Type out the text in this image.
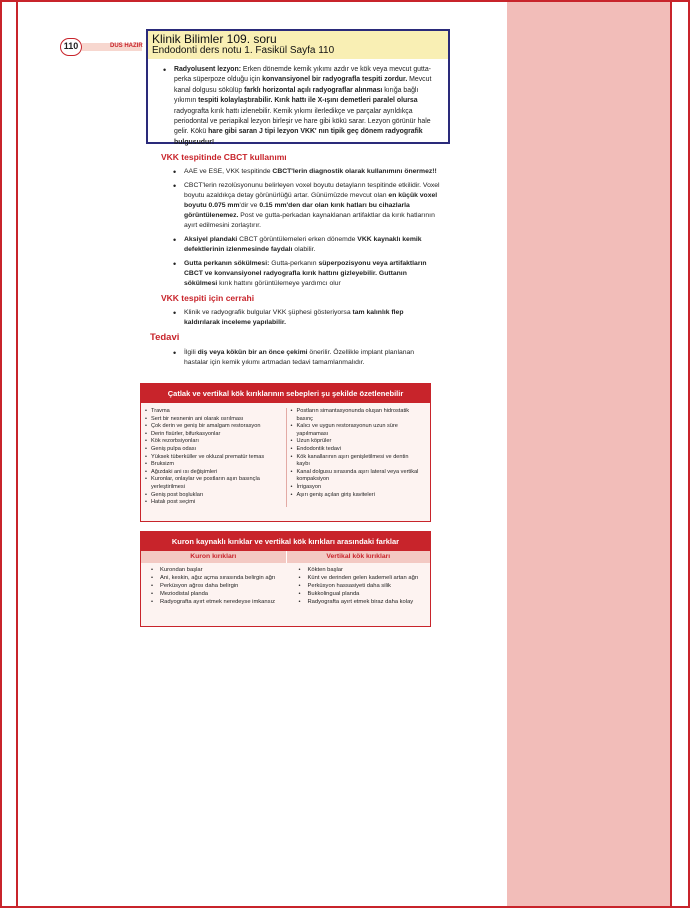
110	DUS HAZIR Klinik Bilimler 109. soru
Endodonti ders notu 1. Fasikül Sayfa 110
• Radyolusent lezyon: Erken dönemde kemik yıkımı azdır ve kök veya mevcut gutta-perka süperpoze olduğu için konvansiyonel bir radyografla tespiti zordur. Mevcut kanal dolgusu sökülüp farklı horizontal açılı radyograflar alınması kırığa bağlı yıkımın tespiti kolaylaştırabilir. Kırık hattı ile X-ışını demetleri paralel olursa radyografta kırık hattı izlenebilir. Kemik yıkımı ilerledikçe ve parçalar ayrıldıkça periodontal ve periapikal lezyon birleşir ve hare gibi kökü sarar. Lezyon görünür hale gelir. Kökü hare gibi saran J tipi lezyon VKK' nın tipik geç dönem radyografik bulgusudur!
VKK tespitinde CBCT kullanımı
• AAE ve ESE, VKK tespitinde CBCT'lerin diagnostik olarak kullanımını önermez!!
• CBCT'lerin rezolüsyonunu belirleyen voxel boyutu detayların tespitinde etkilidir. Voxel boyutu azaldıkça detay görünürlüğü artar. Günümüzde mevcut olan en küçük voxel boyutu 0.075 mm'dir ve 0.15 mm'den dar olan kırık hatları bu cihazlarla görüntülenemez. Post ve gutta-perkadan kaynaklanan artifaktlar da kırık hatlarının ayırt edilmesini zorlaştırır.
• Aksiyel plandaki CBCT görüntülemeleri erken dönemde VKK kaynaklı kemik defektlerinin izlenmesinde faydalı olabilir.
• Gutta perkanın sökülmesi: Gutta-perkanın süperpozisyonu veya artifaktların CBCT ve konvansiyonel radyografla kırık hattını gizleyebilir. Guttanın sökülmesi kırık hattını görüntülemeye yardımcı olur
VKK tespiti için cerrahi
• Klinik ve radyografik bulgular VKK şüphesi gösteriyorsa tam kalınlık flep kaldırılarak inceleme yapılabilir.
Tedavi
• İlgili diş veya kökün bir an önce çekimi önerilir. Özellikle implant planlanan hastalar için kemik yıkımı artmadan tedavi tamamlanmalıdır.
Çatlak ve vertikal kök kırıklarının sebepleri şu şekilde özetlenebilir
• Travma
• Sert bir nesnenin ani olarak ısırılması
• Çok derin ve geniş bir amalgam restorasyon
• Derin fisürler, bifurkasyonlar
• Kök rezorbsiyonları
• Geniş pulpa odası
• Yüksek tüberküller ve okluzal prematür temas
• Bruksizm
• Ağızdaki ani ısı değişimleri
• Kuronlar, onlaylar ve postların aşırı basınçla yerleştirilmesi
• Geniş post boşlukları
• Hatalı post seçimi
• Postların simantasyonunda oluşan hidrostatik basınç
• Kalıcı ve uygun restorasyonun uzun süre yapılmaması
• Uzun köprüler
• Endodontik tedavi
• Kök kanallarının aşırı genişletilmesi ve dentin kaybı
• Kanal dolgusu sırasında aşırı lateral veya vertikal kompaksiyon
• İrrigasyon
• Aşırı geniş açılan giriş kaviteleri
Kuron kaynaklı kırıklar ve vertikal kök kırıkları arasındaki farklar
Kuron kırıkları	Vertikal kök kırıkları
• Kurondan başlar
• Ani, keskin, ağız açma sırasında belirgin ağrı
• Perküsyon ağrısı daha belirgin
• Meziodistal planda
• Radyografta ayırt etmek neredeyse imkansız
• Kökten başlar
• Künt ve derinden gelen kademeli artan ağrı
• Perküsyon hassasiyeti daha silik
• Bukkolingual planda
• Radyografta ayırt etmek biraz daha kolay
